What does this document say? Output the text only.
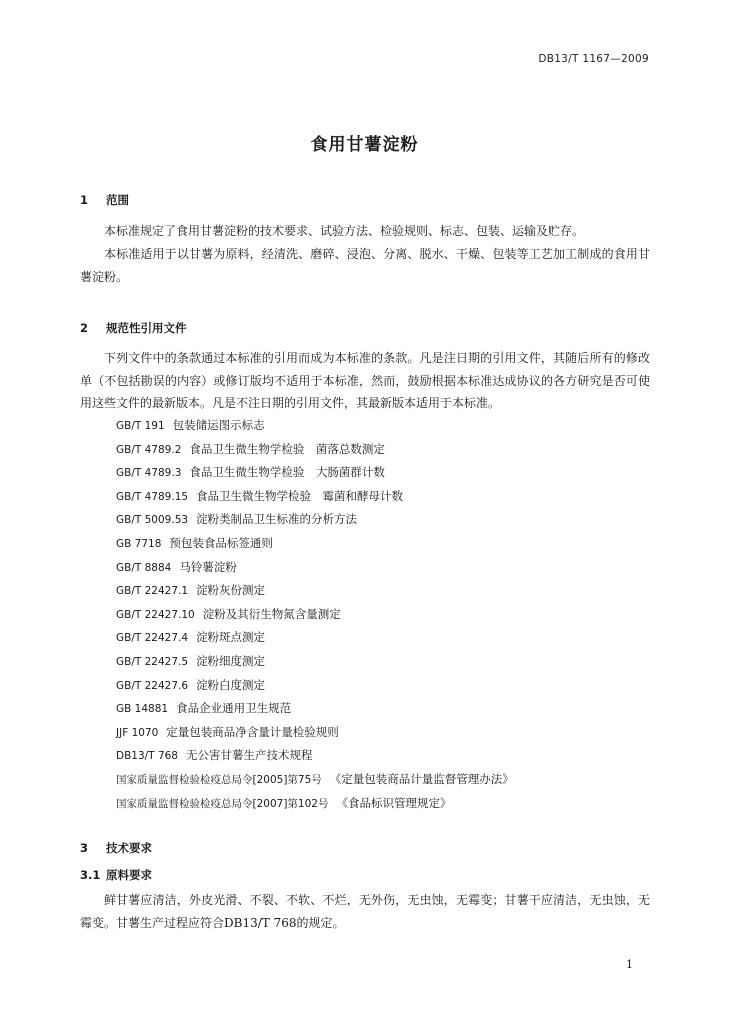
DB13/T 1167—2009
食用甘薯淀粉
1 范围

本标准规定了食用甘薯淀粉的技术要求、试验方法、检验规则、标志、包装、运输及贮存。

本标准适用于以甘薯为原料，经清洗、磨碎、浸泡、分离、脱水、干燥、包装等工艺加工制成的食用甘薯淀粉。

2 规范性引用文件

下列文件中的条款通过本标准的引用而成为本标准的条款。凡是注日期的引用文件，其随后所有的修改单（不包括勘误的内容）或修订版均不适用于本标准，然而，鼓励根据本标准达成协议的各方研究是否可使用这些文件的最新版本。凡是不注日期的引用文件，其最新版本适用于本标准。

GB/T 191 包装储运图示标志
GB/T 4789.2 食品卫生微生物学检验　菌落总数测定
GB/T 4789.3 食品卫生微生物学检验　大肠菌群计数
GB/T 4789.15 食品卫生微生物学检验　霉菌和酵母计数
GB/T 5009.53 淀粉类制品卫生标准的分析方法
GB 7718 预包装食品标签通则
GB/T 8884 马铃薯淀粉
GB/T 22427.1 淀粉灰份测定
GB/T 22427.10 淀粉及其衍生物氮含量测定
GB/T 22427.4 淀粉斑点测定
GB/T 22427.5 淀粉细度测定
GB/T 22427.6 淀粉白度测定
GB 14881 食品企业通用卫生规范
JJF 1070 定量包装商品净含量计量检验规则
DB13/T 768 无公害甘薯生产技术规程
国家质量监督检验检疫总局令[2005]第75号 《定量包装商品计量监督管理办法》
国家质量监督检验检疫总局令[2007]第102号 《食品标识管理规定》
3 技术要求
3.1 原料要求

鲜甘薯应清洁，外皮光滑、不裂、不软、不烂，无外伤，无虫蚀，无霉变；甘薯干应清洁，无虫蚀，无霉变。甘薯生产过程应符合DB13/T 768的规定。

1
